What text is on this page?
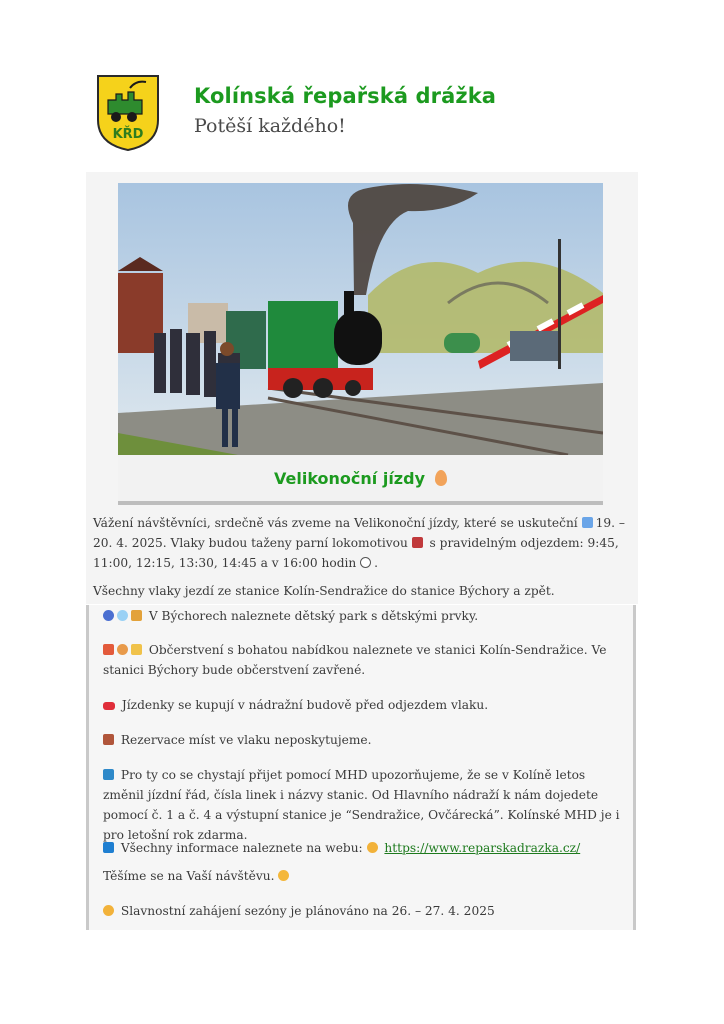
KŘD
Kolínská řepařská drážka

Potěší každého!

Velikonoční jízdy

Vážení návštěvníci, srdečně vás zveme na Velikonoční jízdy, které se uskuteční 19. – 20. 4. 2025. Vlaky budou taženy parní lokomotivou s pravidelným odjezdem: 9:45, 11:00, 12:15, 13:30, 14:45 a v 16:00 hodin .

Všechny vlaky jezdí ze stanice Kolín-Sendražice do stanice Býchory a zpět.

V Býchorech naleznete dětský park s dětskými prvky.

Občerstvení s bohatou nabídkou naleznete ve stanici Kolín-Sendražice. Ve stanici Býchory bude občerstvení zavřené.

Jízdenky se kupují v nádražní budově před odjezdem vlaku.

Rezervace míst ve vlaku neposkytujeme.

Pro ty co se chystají přijet pomocí MHD upozorňujeme, že se v Kolíně letos změnil jízdní řád, čísla linek i názvy stanic. Od Hlavního nádraží k nám dojedete pomocí č. 1 a č. 4 a výstupní stanice je “Sendražice, Ovčárecká”. Kolínské MHD je i pro letošní rok zdarma.

Všechny informace naleznete na webu: https://www.reparskadrazka.cz/

Těšíme se na Vaší návštěvu.

Slavnostní zahájení sezóny je plánováno na 26. – 27. 4. 2025
